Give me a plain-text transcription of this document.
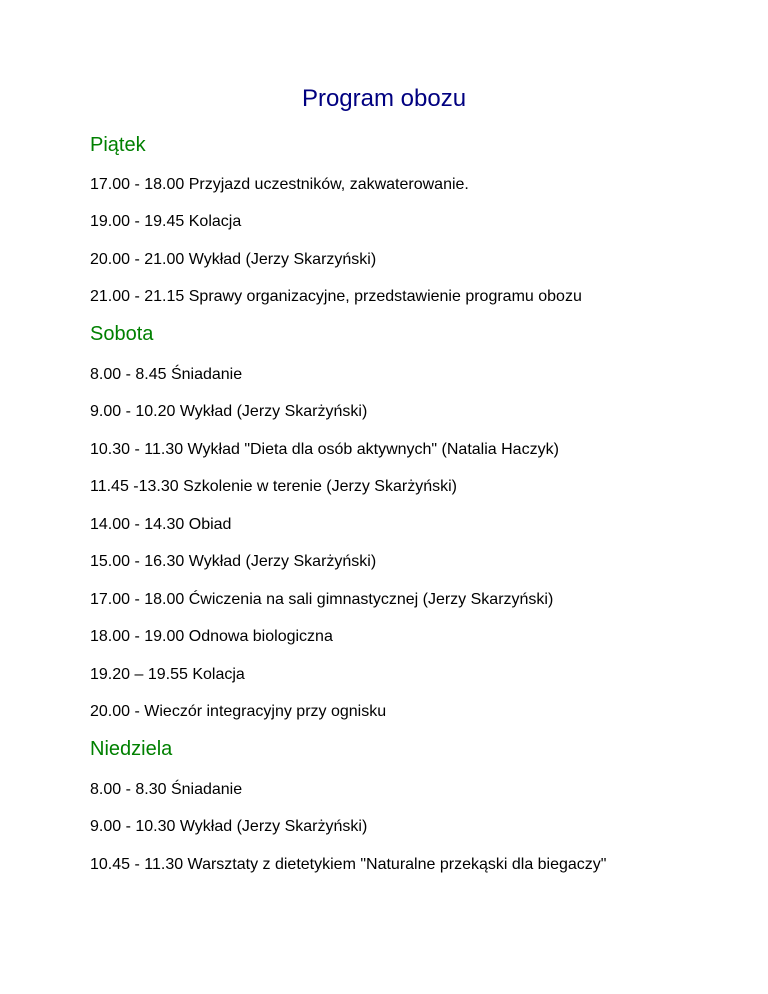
Program obozu
Piątek

17.00 - 18.00 Przyjazd uczestników, zakwaterowanie.

19.00 - 19.45 Kolacja

20.00 - 21.00 Wykład (Jerzy Skarzyński)

21.00 - 21.15 Sprawy organizacyjne, przedstawienie programu obozu

Sobota

8.00 - 8.45 Śniadanie

9.00 - 10.20 Wykład (Jerzy Skarżyński)

10.30 - 11.30 Wykład "Dieta dla osób aktywnych" (Natalia Haczyk)

11.45 -13.30 Szkolenie w terenie (Jerzy Skarżyński)

14.00 - 14.30 Obiad

15.00 - 16.30 Wykład (Jerzy Skarżyński)

17.00 - 18.00 Ćwiczenia na sali gimnastycznej (Jerzy Skarzyński)

18.00 - 19.00 Odnowa biologiczna

19.20 – 19.55 Kolacja

20.00 - Wieczór integracyjny przy ognisku

Niedziela

8.00 - 8.30 Śniadanie

9.00 - 10.30 Wykład (Jerzy Skarżyński)

10.45 - 11.30 Warsztaty z dietetykiem "Naturalne przekąski dla biegaczy"
